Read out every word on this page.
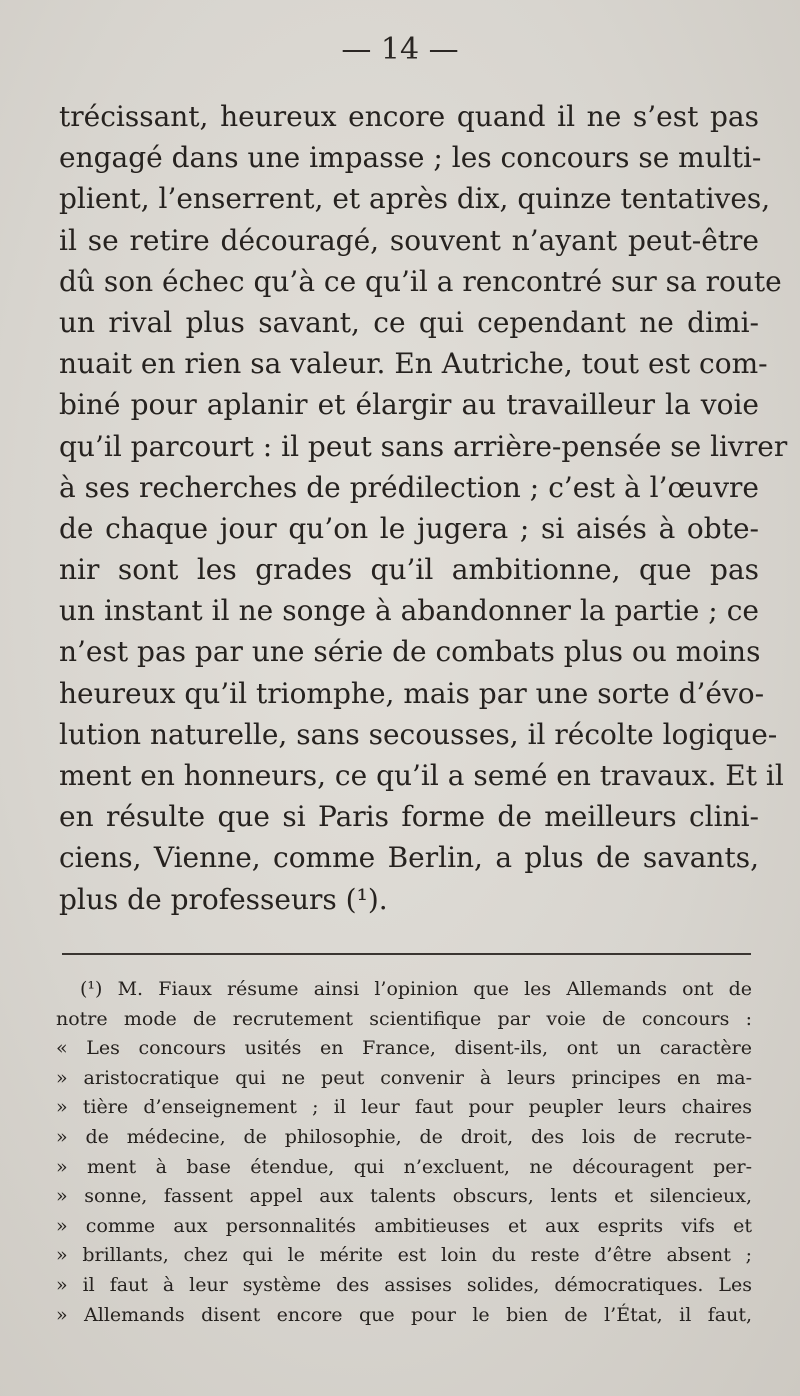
— 14 —
trécissant, heureux encore quand il ne s’est pas
engagé dans une impasse ; les concours se multi-
plient, l’enserrent, et après dix, quinze tentatives,
il se retire découragé, souvent n’ayant peut-être
dû son échec qu’à ce qu’il a rencontré sur sa route
un rival plus savant, ce qui cependant ne dimi-
nuait en rien sa valeur. En Autriche, tout est com-
biné pour aplanir et élargir au travailleur la voie
qu’il parcourt : il peut sans arrière-pensée se livrer
à ses recherches de prédilection ; c’est à l’œuvre
de chaque jour qu’on le jugera ; si aisés à obte-
nir sont les grades qu’il ambitionne, que pas
un instant il ne songe à abandonner la partie ; ce
n’est pas par une série de combats plus ou moins
heureux qu’il triomphe, mais par une sorte d’évo-
lution naturelle, sans secousses, il récolte logique-
ment en honneurs, ce qu’il a semé en travaux. Et il
en résulte que si Paris forme de meilleurs clini-
ciens, Vienne, comme Berlin, a plus de savants,
plus de professeurs (¹).
(¹) M. Fiaux résume ainsi l’opinion que les Allemands ont de
notre mode de recrutement scientifique par voie de concours :
« Les concours usités en France, disent-ils, ont un caractère
» aristocratique qui ne peut convenir à leurs principes en ma-
» tière d’enseignement ; il leur faut pour peupler leurs chaires
» de médecine, de philosophie, de droit, des lois de recrute-
» ment à base étendue, qui n’excluent, ne découragent per-
» sonne, fassent appel aux talents obscurs, lents et silencieux,
» comme aux personnalités ambitieuses et aux esprits vifs et
» brillants, chez qui le mérite est loin du reste d’être absent ;
» il faut à leur système des assises solides, démocratiques. Les
» Allemands disent encore que pour le bien de l’État, il faut,
